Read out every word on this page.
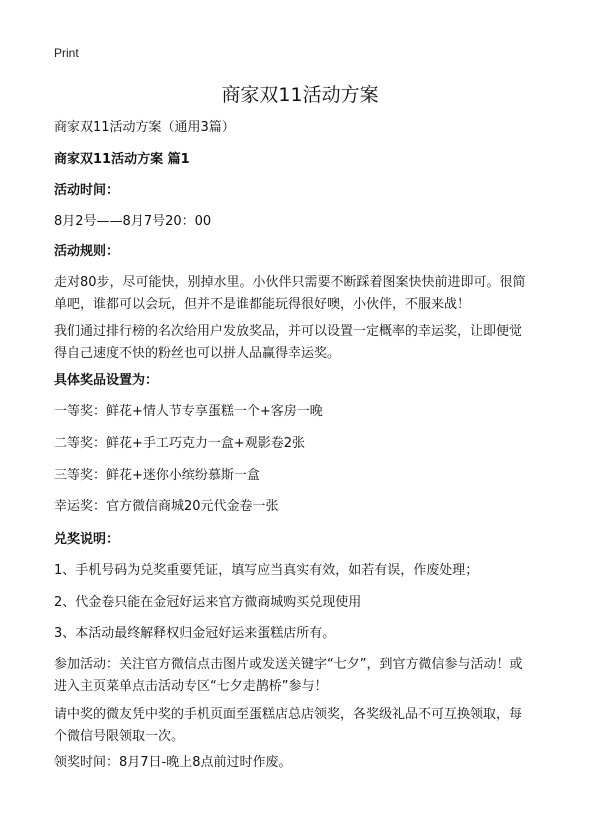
Print
商家双11活动方案
商家双11活动方案（通用3篇）
商家双11活动方案 篇1
活动时间：
8月2号——8月7号20：00
活动规则：
走对80步，尽可能快，别掉水里。小伙伴只需要不断踩着图案快快前进即可。很简
单吧，谁都可以会玩，但并不是谁都能玩得很好噢，小伙伴，不服来战！
我们通过排行榜的名次给用户发放奖品，并可以设置一定概率的幸运奖，让即便觉
得自己速度不快的粉丝也可以拼人品赢得幸运奖。
具体奖品设置为：
一等奖：鲜花+情人节专享蛋糕一个+客房一晚
二等奖：鲜花+手工巧克力一盒+观影卷2张
三等奖：鲜花+迷你小缤纷慕斯一盒
幸运奖：官方微信商城20元代金卷一张
兑奖说明：
1、手机号码为兑奖重要凭证，填写应当真实有效，如若有误，作废处理；
2、代金卷只能在金冠好运来官方微商城购买兑现使用
3、本活动最终解释权归金冠好运来蛋糕店所有。
参加活动：关注官方微信点击图片或发送关键字“七夕”，到官方微信参与活动！或
进入主页菜单点击活动专区“七夕走鹊桥”参与！
请中奖的微友凭中奖的手机页面至蛋糕店总店领奖，各奖级礼品不可互换领取，每
个微信号限领取一次。
领奖时间：8月7日-晚上8点前过时作废。
